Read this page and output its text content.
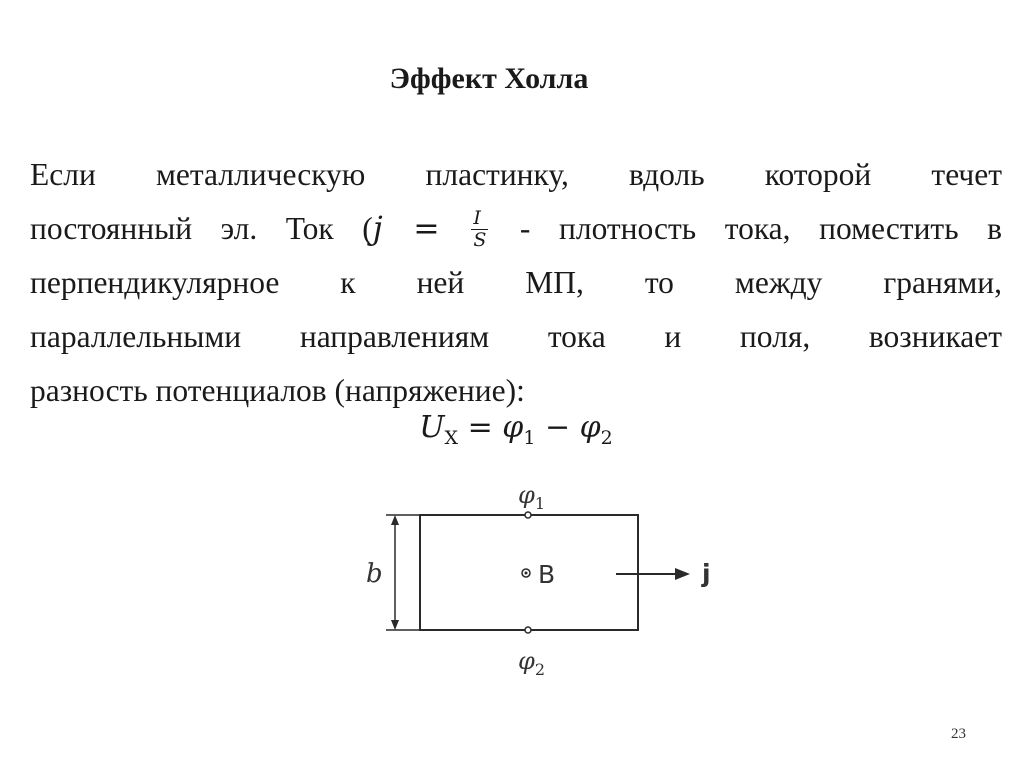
Эффект Холла
Если металлическую пластинку, вдоль которой течет
постоянный эл. Ток ($j = \frac{I}{S}$ - плотность тока, поместить в
перпендикулярное к ней МП, то между гранями,
параллельными направлениям тока и поля, возникает
разность потенциалов (напряжение):
$U_Х = \varphi_1 - \varphi_2$
$\varphi_1$
b	B	j
$\varphi_2$
23
